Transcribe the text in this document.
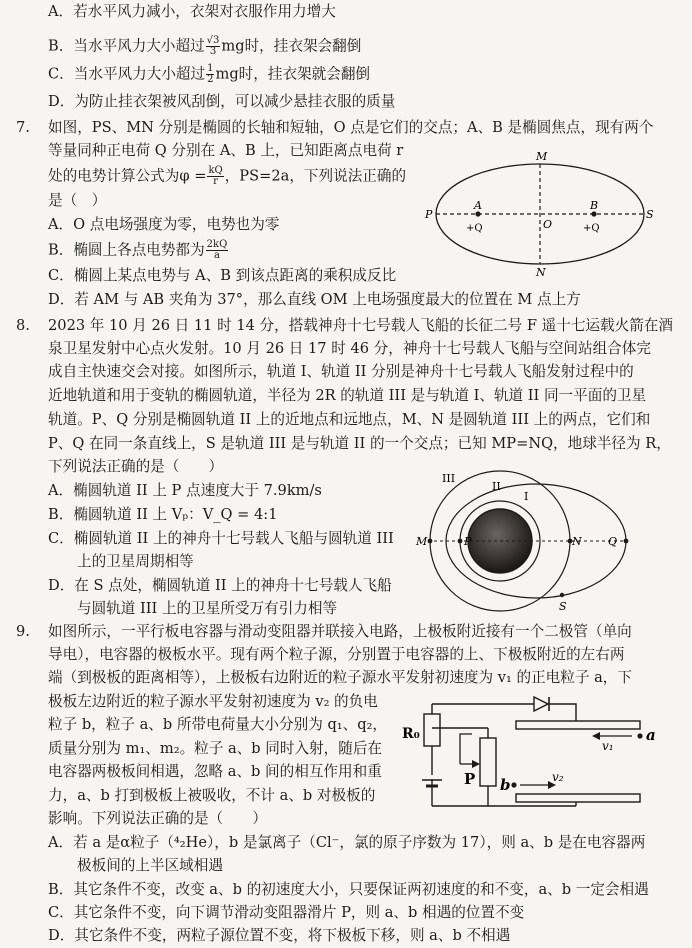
A．若水平风力减小，衣架对衣服作用力增大
B．当水平风力大小超过 $\frac{√3}{3}$ mg时，挂衣架会翻倒
C．当水平风力大小超过 $\frac{1}{2}$ mg时，挂衣架就会翻倒
D．为防止挂衣架被风刮倒，可以减少悬挂衣服的质量
7. 如图，PS、MN 分别是椭圆的长轴和短轴，O 点是它们的交点；A、B 是椭圆焦点，现有两个
等量同种正电荷 Q 分别在 A、B 上，已知距离点电荷 r
处的电势计算公式为$\varphi = \frac{kQ}{r}$ ，PS=2a，下列说法正确的
是（　）
A．O 点电场强度为零，电势也为零
B．椭圆上各点电势都为 $\frac{2kQ}{a}$
C．椭圆上某点电势与 A、B 到该点距离的乘积成反比
D．若 AM 与 AB 夹角为 37°，那么直线 OM 上电场强度最大的位置在 M 点上方
M
N
P	S
O
A	B
+Q	+Q
8. 2023 年 10 月 26 日 11 时 14 分，搭载神舟十七号载人飞船的长征二号 F 遥十七运载火箭在酒
泉卫星发射中心点火发射。10 月 26 日 17 时 46 分，神舟十七号载人飞船与空间站组合体完
成自主快速交会对接。如图所示，轨道 I、轨道 II 分别是神舟十七号载人飞船发射过程中的
近地轨道和用于变轨的椭圆轨道，半径为 2R 的轨道 III 是与轨道 I、轨道 II 同一平面的卫星
轨道。P、Q 分别是椭圆轨道 II 上的近地点和远地点，M、N 是圆轨道 III 上的两点，它们和
P、Q 在同一条直线上，S 是轨道 III 是与轨道 II 的一个交点；已知 MP=NQ，地球半径为 R，
下列说法正确的是（　　）
A．椭圆轨道 II 上 P 点速度大于 7.9km/s
B．椭圆轨道 II 上 Vₚ：V_Q = 4:1
C．椭圆轨道 II 上的神舟十七号载人飞船与圆轨道 III
上的卫星周期相等
D．在 S 点处，椭圆轨道 II 上的神舟十七号载人飞船
与圆轨道 III 上的卫星所受万有引力相等
III
II
I
M	P	N Q
S
9. 如图所示，一平行板电容器与滑动变阻器并联接入电路，上极板附近接有一个二极管（单向
导电），电容器的极板水平。现有两个粒子源，分别置于电容器的上、下极板附近的左右两
端（到极板的距离相等），上极板右边附近的粒子源水平发射初速度为 v₁ 的正电粒子 a，下
极板左边附近的粒子源水平发射初速度为 v₂ 的负电
粒子 b，粒子 a、b 所带电荷量大小分别为 q₁、q₂，
质量分别为 m₁、m₂。粒子 a、b 同时入射，随后在
电容器两极板间相遇，忽略 a、b 间的相互作用和重
力，a、b 打到极板上被吸收，不计 a、b 对极板的
影响。下列说法正确的是（　　）
A．若 a 是α粒子（⁴₂He），b 是氯离子（Cl⁻，氯的原子序数为 17），则 a、b 是在电容器两
极板间的上半区域相遇
B．其它条件不变，改变 a、b 的初速度大小，只要保证两初速度的和不变，a、b 一定会相遇
C．其它条件不变，向下调节滑动变阻器滑片 P，则 a、b 相遇的位置不变
D．其它条件不变，两粒子源位置不变，将下极板下移，则 a、b 不相遇
R₀
P
a
v₁
b	v₂
